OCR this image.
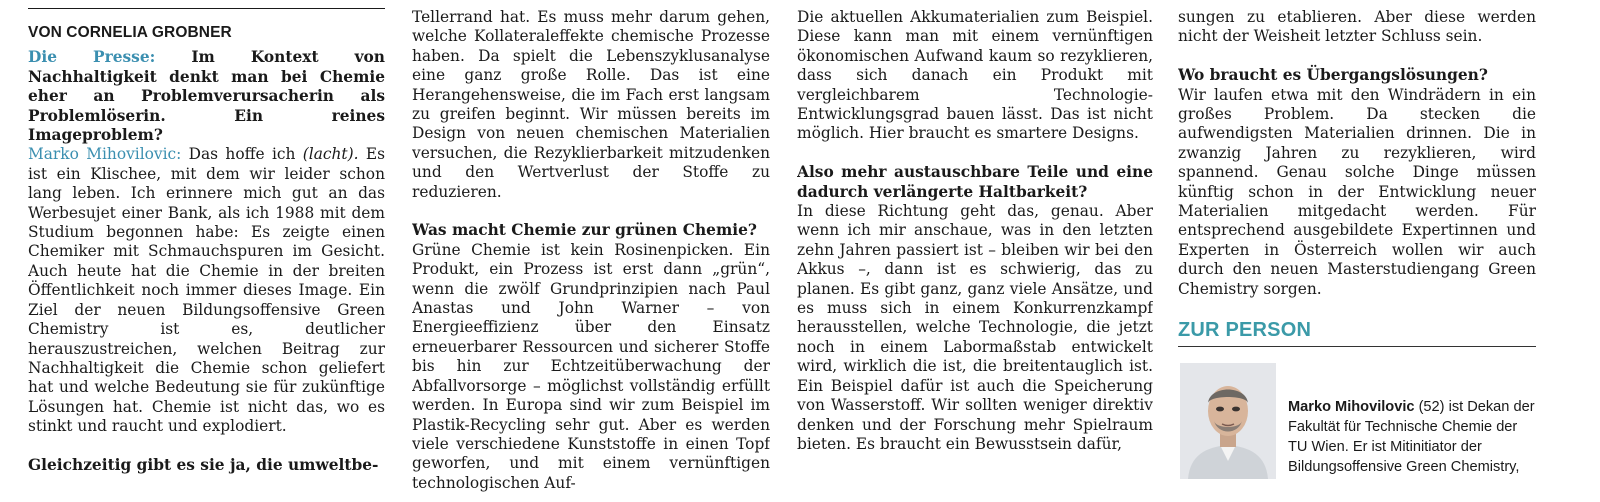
VON CORNELIA GROBNER

Die Presse: Im Kontext von Nachhaltigkeit denkt man bei Chemie eher an Problemverursacherin als Problemlöserin. Ein reines Imageproblem?

Marko Mihovilovic: Das hoffe ich (lacht). Es ist ein Klischee, mit dem wir leider schon lang leben. Ich erinnere mich gut an das Werbesujet einer Bank, als ich 1988 mit dem Studium begonnen habe: Es zeigte einen Chemiker mit Schmauchspuren im Gesicht. Auch heute hat die Chemie in der breiten Öffentlichkeit noch immer dieses Image. Ein Ziel der neuen Bildungsoffensive Green Chemistry ist es, deutlicher herauszustreichen, welchen Beitrag zur Nachhaltigkeit die Chemie schon geliefert hat und welche Bedeutung sie für zukünftige Lösungen hat. Chemie ist nicht das, wo es stinkt und raucht und explodiert.

Gleichzeitig gibt es sie ja, die umweltbe-

Tellerrand hat. Es muss mehr darum gehen, welche Kollateraleffekte chemische Prozesse haben. Da spielt die Lebenszyklusanalyse eine ganz große Rolle. Das ist eine Herangehensweise, die im Fach erst langsam zu greifen beginnt. Wir müssen bereits im Design von neuen chemischen Materialien versuchen, die Rezyklierbarkeit mitzudenken und den Wertverlust der Stoffe zu reduzieren.

Was macht Chemie zur grünen Chemie?

Grüne Chemie ist kein Rosinenpicken. Ein Produkt, ein Prozess ist erst dann „grün“, wenn die zwölf Grundprinzipien nach Paul Anastas und John Warner – von Energieeffizienz über den Einsatz erneuerbarer Ressourcen und sicherer Stoffe bis hin zur Echtzeitüberwachung der Abfallvorsorge – möglichst vollständig erfüllt werden. In Europa sind wir zum Beispiel im Plastik-Recycling sehr gut. Aber es werden viele verschiedene Kunststoffe in einen Topf geworfen, und mit einem vernünftigen technologischen Auf-

Die aktuellen Akkumaterialien zum Beispiel. Diese kann man mit einem vernünftigen ökonomischen Aufwand kaum so rezyklieren, dass sich danach ein Produkt mit vergleichbarem Technologie-Entwicklungsgrad bauen lässt. Das ist nicht möglich. Hier braucht es smartere Designs.

Also mehr austauschbare Teile und eine dadurch verlängerte Haltbarkeit?

In diese Richtung geht das, genau. Aber wenn ich mir anschaue, was in den letzten zehn Jahren passiert ist – bleiben wir bei den Akkus –, dann ist es schwierig, das zu planen. Es gibt ganz, ganz viele Ansätze, und es muss sich in einem Konkurrenzkampf herausstellen, welche Technologie, die jetzt noch in einem Labormaßstab entwickelt wird, wirklich die ist, die breitentauglich ist. Ein Beispiel dafür ist auch die Speicherung von Wasserstoff. Wir sollten weniger direktiv denken und der Forschung mehr Spielraum bieten. Es braucht ein Bewusstsein dafür,

sungen zu etablieren. Aber diese werden nicht der Weisheit letzter Schluss sein.

Wo braucht es Übergangslösungen?

Wir laufen etwa mit den Windrädern in ein großes Problem. Da stecken die aufwendigsten Materialien drinnen. Die in zwanzig Jahren zu rezyklieren, wird spannend. Genau solche Dinge müssen künftig schon in der Entwicklung neuer Materialien mitgedacht werden. Für entsprechend ausgebildete Expertinnen und Experten in Österreich wollen wir auch durch den neuen Masterstudiengang Green Chemistry sorgen.

ZUR PERSON
Marko Mihovilovic (52) ist Dekan der Fakultät für Technische Chemie der TU Wien. Er ist Mitinitiator der Bildungsoffensive Green Chemistry,
